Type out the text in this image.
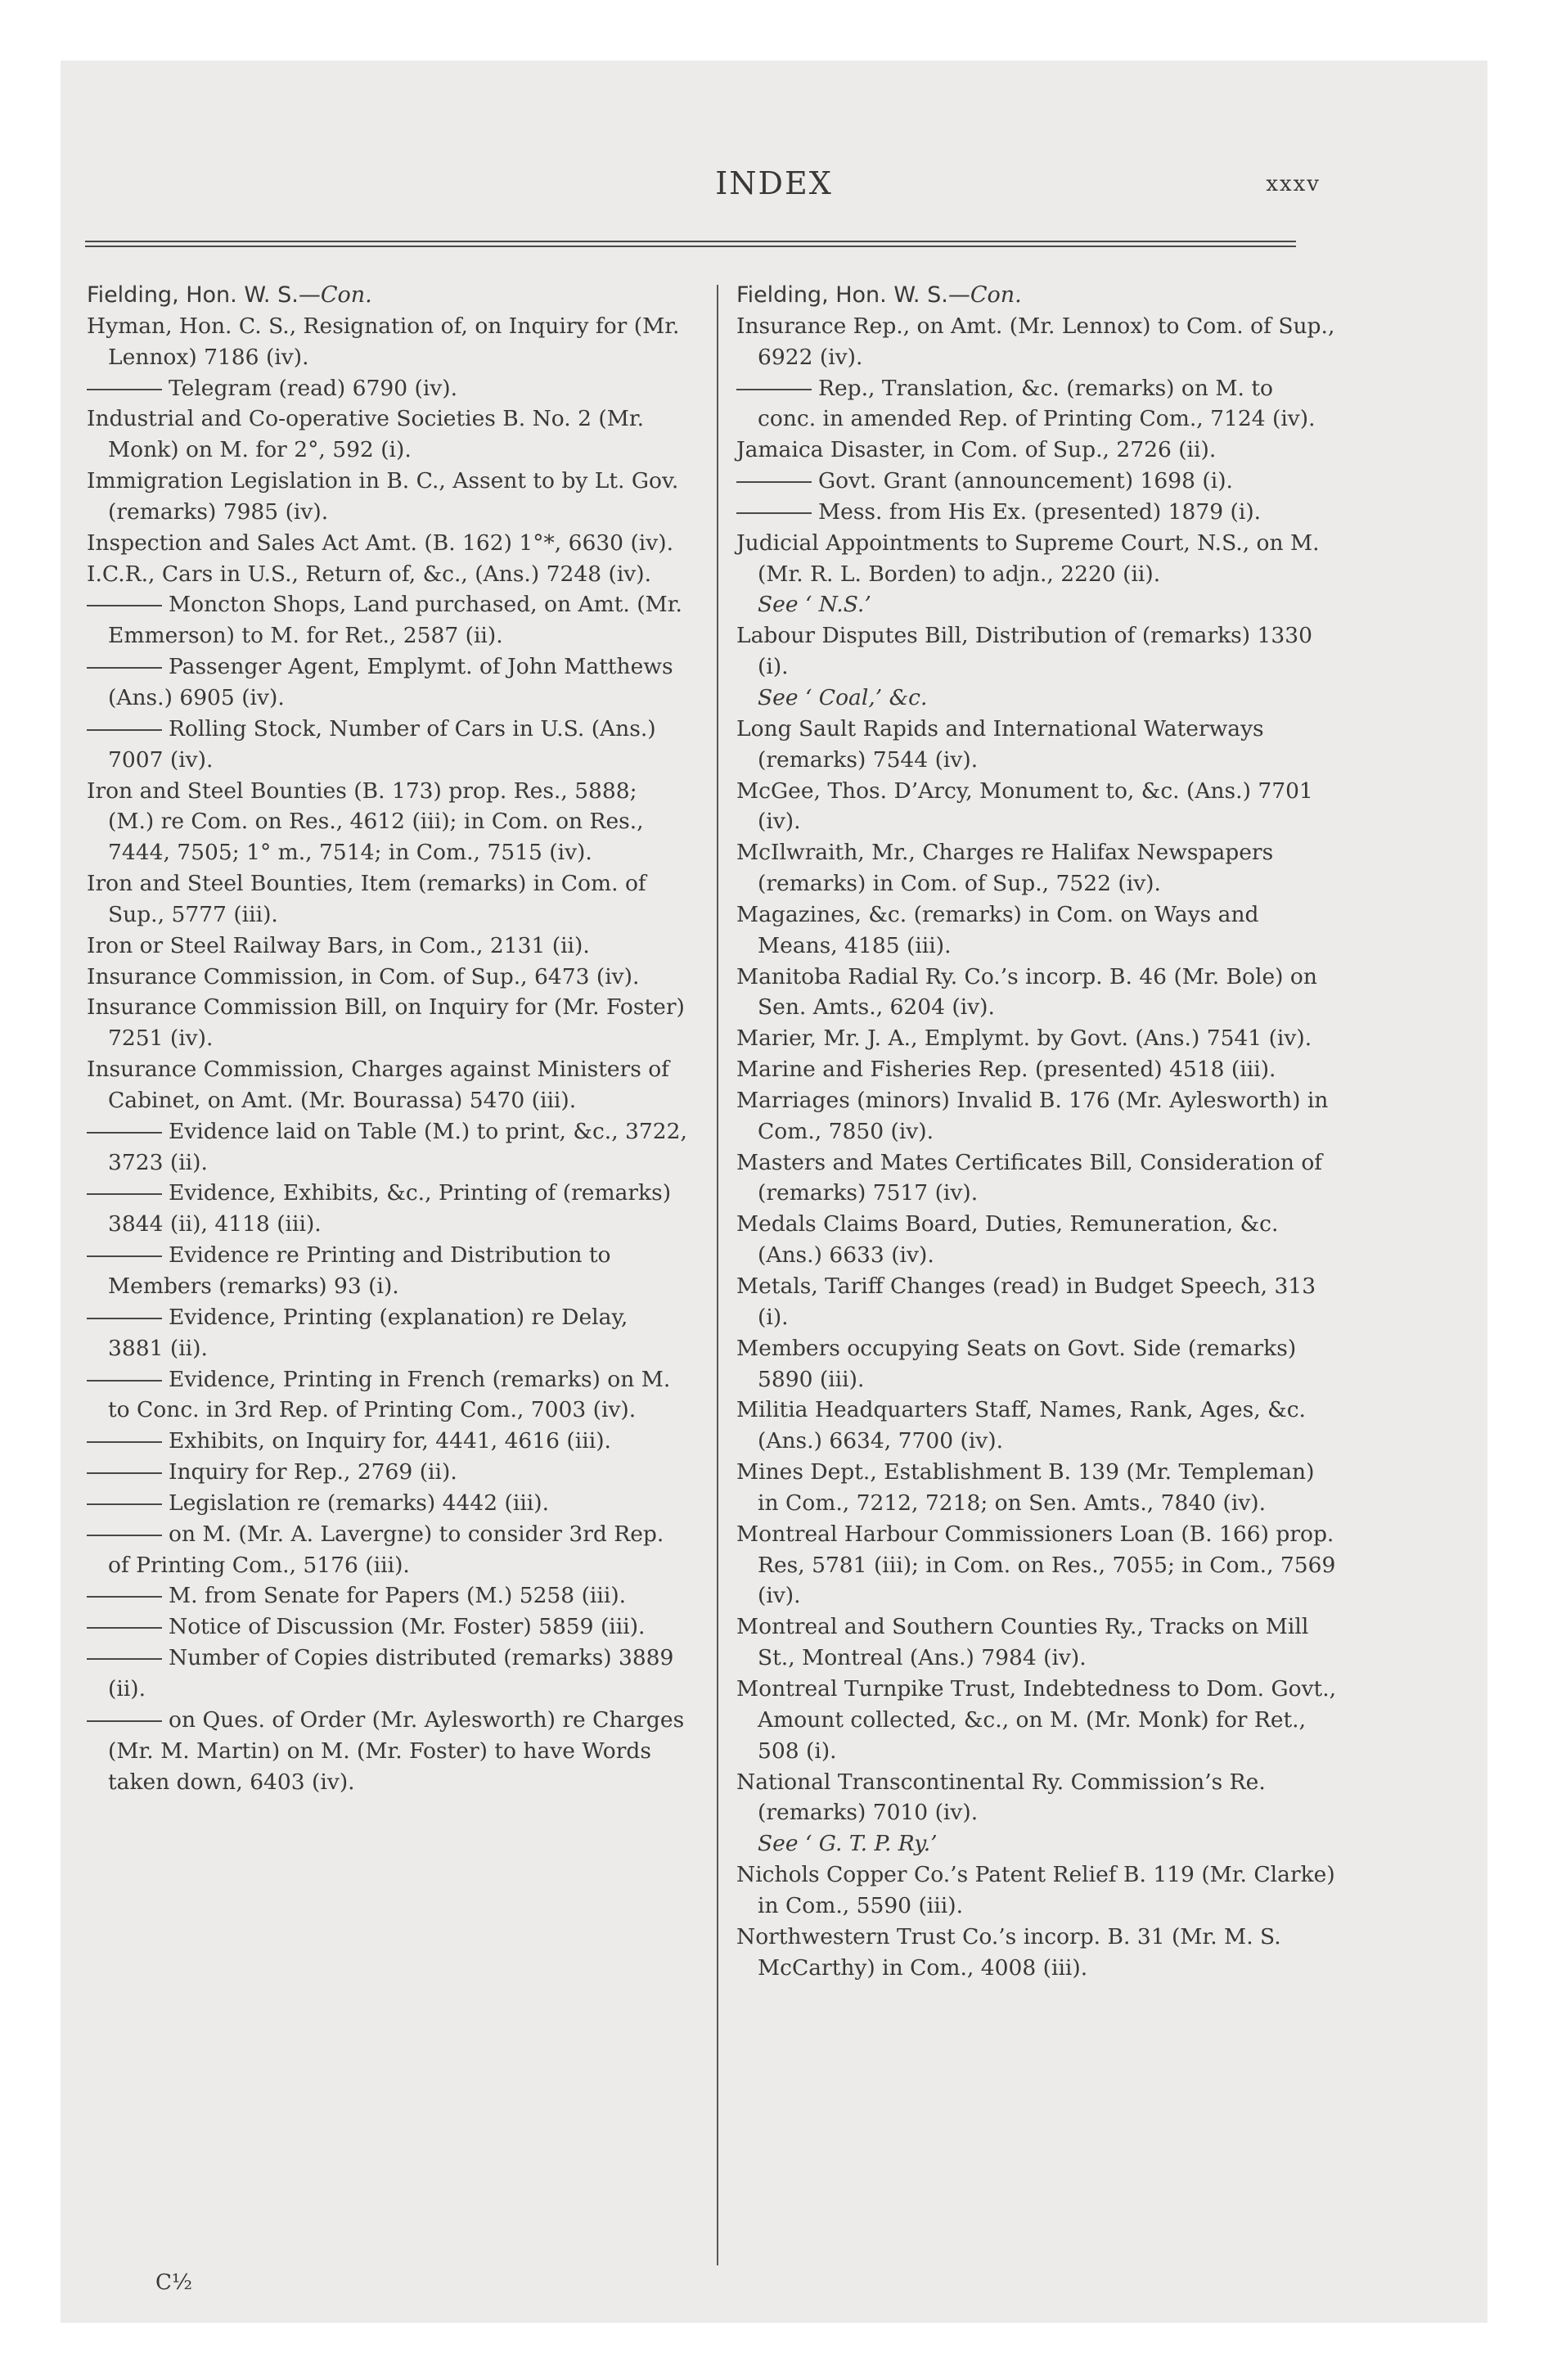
INDEX	xxxv
Fielding, Hon. W. S.—Con.

Hyman, Hon. C. S., Resignation of, on Inquiry for (Mr. Lennox) 7186 (iv).

Telegram (read) 6790 (iv).

Industrial and Co-operative Societies B. No. 2 (Mr. Monk) on M. for 2°, 592 (i).

Immigration Legislation in B. C., Assent to by Lt. Gov. (remarks) 7985 (iv).

Inspection and Sales Act Amt. (B. 162) 1°*, 6630 (iv).

I.C.R., Cars in U.S., Return of, &c., (Ans.) 7248 (iv).

Moncton Shops, Land purchased, on Amt. (Mr. Emmerson) to M. for Ret., 2587 (ii).

Passenger Agent, Emplymt. of John Matthews (Ans.) 6905 (iv).

Rolling Stock, Number of Cars in U.S. (Ans.) 7007 (iv).

Iron and Steel Bounties (B. 173) prop. Res., 5888; (M.) re Com. on Res., 4612 (iii); in Com. on Res., 7444, 7505; 1° m., 7514; in Com., 7515 (iv).

Iron and Steel Bounties, Item (remarks) in Com. of Sup., 5777 (iii).

Iron or Steel Railway Bars, in Com., 2131 (ii).

Insurance Commission, in Com. of Sup., 6473 (iv).

Insurance Commission Bill, on Inquiry for (Mr. Foster) 7251 (iv).

Insurance Commission, Charges against Ministers of Cabinet, on Amt. (Mr. Bourassa) 5470 (iii).

Evidence laid on Table (M.) to print, &c., 3722, 3723 (ii).

Evidence, Exhibits, &c., Printing of (remarks) 3844 (ii), 4118 (iii).

Evidence re Printing and Distribution to Members (remarks) 93 (i).

Evidence, Printing (explanation) re Delay, 3881 (ii).

Evidence, Printing in French (remarks) on M. to Conc. in 3rd Rep. of Printing Com., 7003 (iv).

Exhibits, on Inquiry for, 4441, 4616 (iii).

Inquiry for Rep., 2769 (ii).

Legislation re (remarks) 4442 (iii).

on M. (Mr. A. Lavergne) to consider 3rd Rep. of Printing Com., 5176 (iii).

M. from Senate for Papers (M.) 5258 (iii).

Notice of Discussion (Mr. Foster) 5859 (iii).

Number of Copies distributed (remarks) 3889 (ii).

on Ques. of Order (Mr. Aylesworth) re Charges (Mr. M. Martin) on M. (Mr. Foster) to have Words taken down, 6403 (iv).

Fielding, Hon. W. S.—Con.

Insurance Rep., on Amt. (Mr. Lennox) to Com. of Sup., 6922 (iv).

Rep., Translation, &c. (remarks) on M. to conc. in amended Rep. of Printing Com., 7124 (iv).

Jamaica Disaster, in Com. of Sup., 2726 (ii).

Govt. Grant (announcement) 1698 (i).

Mess. from His Ex. (presented) 1879 (i).

Judicial Appointments to Supreme Court, N.S., on M. (Mr. R. L. Borden) to adjn., 2220 (ii).

See ‘ N.S.’

Labour Disputes Bill, Distribution of (remarks) 1330 (i).

See ‘ Coal,’ &c.

Long Sault Rapids and International Waterways (remarks) 7544 (iv).

McGee, Thos. D’Arcy, Monument to, &c. (Ans.) 7701 (iv).

McIlwraith, Mr., Charges re Halifax Newspapers (remarks) in Com. of Sup., 7522 (iv).

Magazines, &c. (remarks) in Com. on Ways and Means, 4185 (iii).

Manitoba Radial Ry. Co.’s incorp. B. 46 (Mr. Bole) on Sen. Amts., 6204 (iv).

Marier, Mr. J. A., Emplymt. by Govt. (Ans.) 7541 (iv).

Marine and Fisheries Rep. (presented) 4518 (iii).

Marriages (minors) Invalid B. 176 (Mr. Aylesworth) in Com., 7850 (iv).

Masters and Mates Certificates Bill, Consideration of (remarks) 7517 (iv).

Medals Claims Board, Duties, Remuneration, &c. (Ans.) 6633 (iv).

Metals, Tariff Changes (read) in Budget Speech, 313 (i).

Members occupying Seats on Govt. Side (remarks) 5890 (iii).

Militia Headquarters Staff, Names, Rank, Ages, &c. (Ans.) 6634, 7700 (iv).

Mines Dept., Establishment B. 139 (Mr. Templeman) in Com., 7212, 7218; on Sen. Amts., 7840 (iv).

Montreal Harbour Commissioners Loan (B. 166) prop. Res, 5781 (iii); in Com. on Res., 7055; in Com., 7569 (iv).

Montreal and Southern Counties Ry., Tracks on Mill St., Montreal (Ans.) 7984 (iv).

Montreal Turnpike Trust, Indebtedness to Dom. Govt., Amount collected, &c., on M. (Mr. Monk) for Ret., 508 (i).

National Transcontinental Ry. Commission’s Re. (remarks) 7010 (iv).

See ‘ G. T. P. Ry.’

Nichols Copper Co.’s Patent Relief B. 119 (Mr. Clarke) in Com., 5590 (iii).

Northwestern Trust Co.’s incorp. B. 31 (Mr. M. S. McCarthy) in Com., 4008 (iii).

C½
